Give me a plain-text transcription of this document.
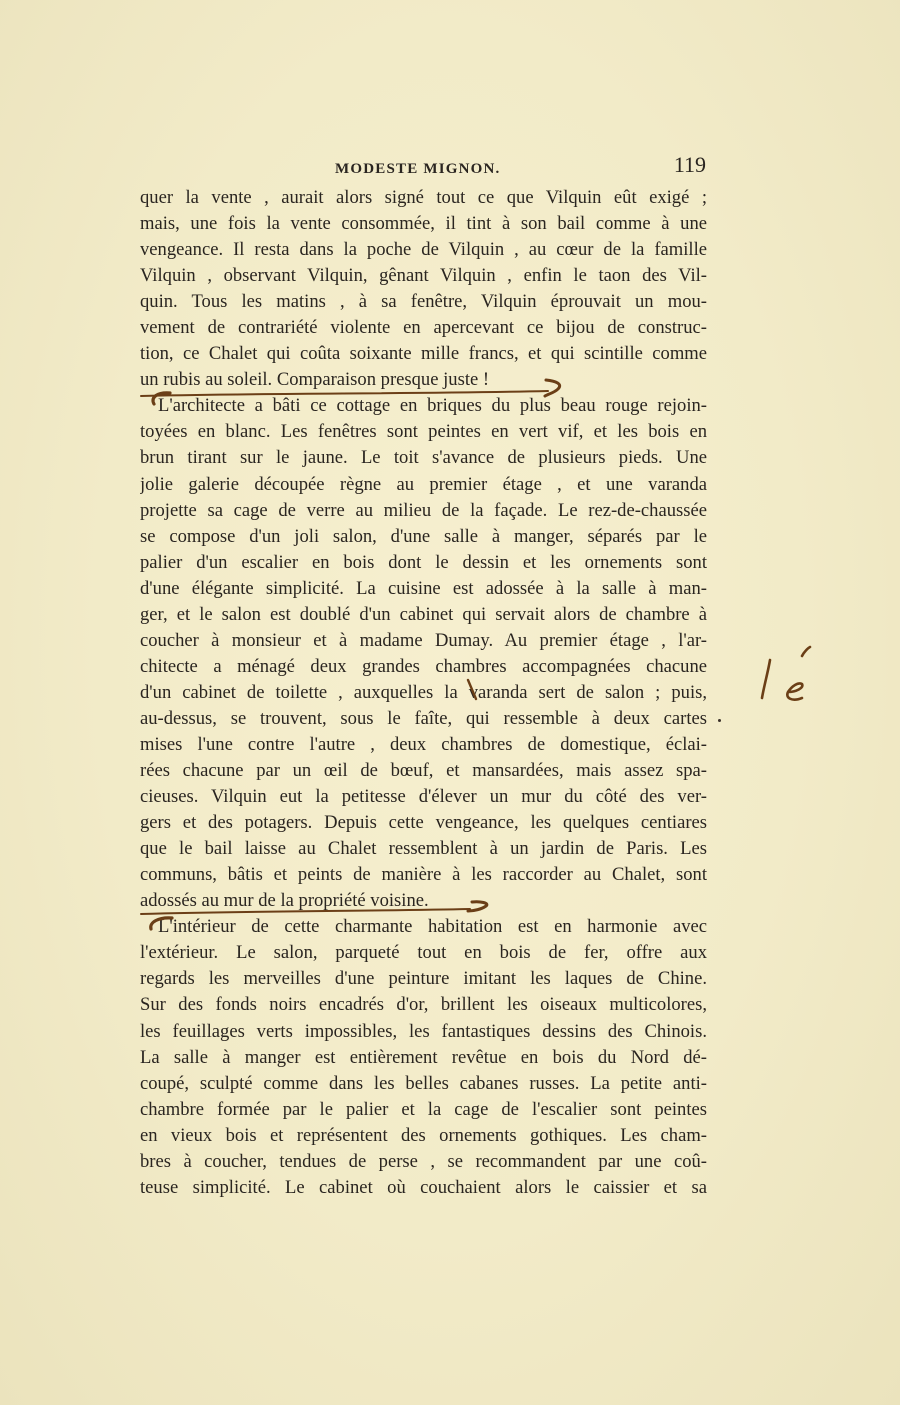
MODESTE MIGNON.	119
quer la vente , aurait alors signé tout ce que Vilquin eût exigé ;
mais, une fois la vente consommée, il tint à son bail comme à une
vengeance. Il resta dans la poche de Vilquin , au cœur de la famille
Vilquin , observant Vilquin, gênant Vilquin , enfin le taon des Vil-
quin. Tous les matins , à sa fenêtre, Vilquin éprouvait un mou-
vement de contrariété violente en apercevant ce bijou de construc-
tion, ce Chalet qui coûta soixante mille francs, et qui scintille comme
un rubis au soleil. Comparaison presque juste !
L'architecte a bâti ce cottage en briques du plus beau rouge rejoin-
toyées en blanc. Les fenêtres sont peintes en vert vif, et les bois en
brun tirant sur le jaune. Le toit s'avance de plusieurs pieds. Une
jolie galerie découpée règne au premier étage , et une varanda
projette sa cage de verre au milieu de la façade. Le rez-de-chaussée
se compose d'un joli salon, d'une salle à manger, séparés par le
palier d'un escalier en bois dont le dessin et les ornements sont
d'une élégante simplicité. La cuisine est adossée à la salle à man-
ger, et le salon est doublé d'un cabinet qui servait alors de chambre à
coucher à monsieur et à madame Dumay. Au premier étage , l'ar-
chitecte a ménagé deux grandes chambres accompagnées chacune
d'un cabinet de toilette , auxquelles la varanda sert de salon ; puis,
au-dessus, se trouvent, sous le faîte, qui ressemble à deux cartes
mises l'une contre l'autre , deux chambres de domestique, éclai-
rées chacune par un œil de bœuf, et mansardées, mais assez spa-
cieuses. Vilquin eut la petitesse d'élever un mur du côté des ver-
gers et des potagers. Depuis cette vengeance, les quelques centiares
que le bail laisse au Chalet ressemblent à un jardin de Paris. Les
communs, bâtis et peints de manière à les raccorder au Chalet, sont
adossés au mur de la propriété voisine.
L'intérieur de cette charmante habitation est en harmonie avec
l'extérieur. Le salon, parqueté tout en bois de fer, offre aux
regards les merveilles d'une peinture imitant les laques de Chine.
Sur des fonds noirs encadrés d'or, brillent les oiseaux multicolores,
les feuillages verts impossibles, les fantastiques dessins des Chinois.
La salle à manger est entièrement revêtue en bois du Nord dé-
coupé, sculpté comme dans les belles cabanes russes. La petite anti-
chambre formée par le palier et la cage de l'escalier sont peintes
en vieux bois et représentent des ornements gothiques. Les cham-
bres à coucher, tendues de perse , se recommandent par une coû-
teuse simplicité. Le cabinet où couchaient alors le caissier et sa
